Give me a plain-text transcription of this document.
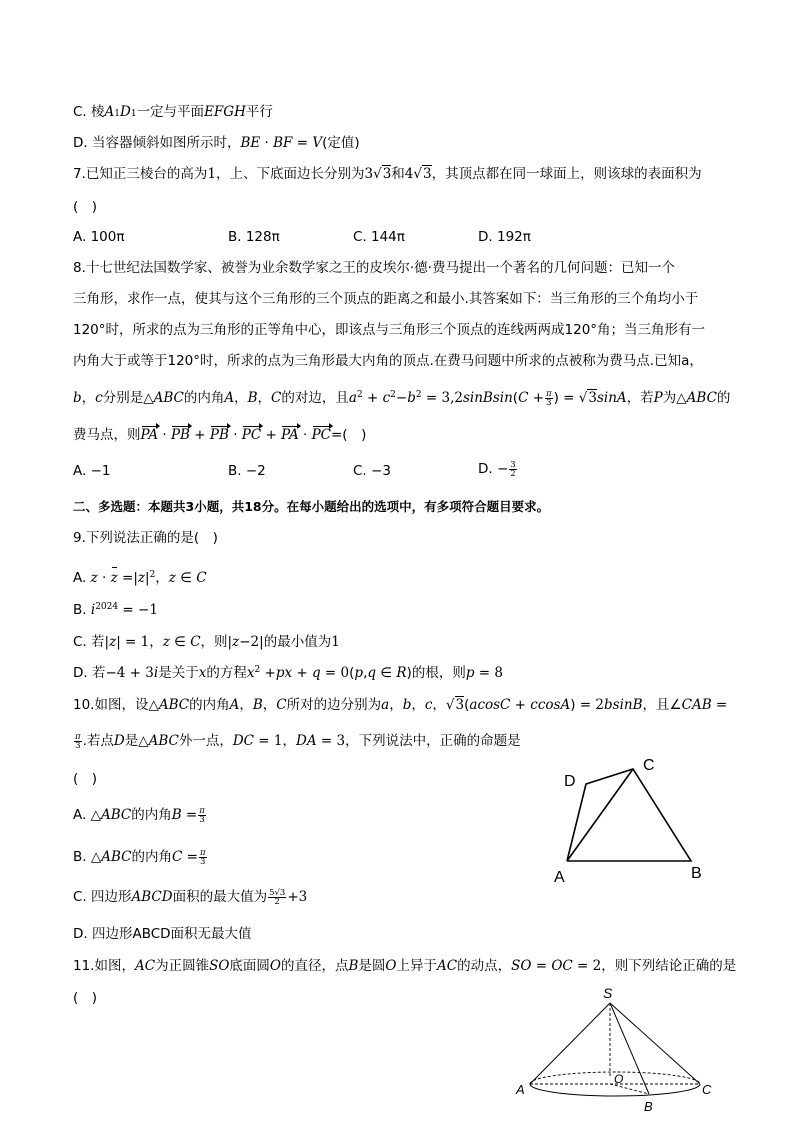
C. 棱$A_1D_1$一定与平面EFGH平行
D. 当容器倾斜如图所示时，BE · BF = V(定值)
7.已知正三棱台的高为1，上、下底面边长分别为3√3和4√3，其顶点都在同一球面上，则该球的表面积为
(　)
A. 100π	B. 128π	C. 144π	D. 192π
8.十七世纪法国数学家、被誉为业余数学家之王的皮埃尔·德·费马提出一个著名的几何问题：已知一个
三角形，求作一点，使其与这个三角形的三个顶点的距离之和最小.其答案如下：当三角形的三个角均小于
120°时，所求的点为三角形的正等角中心，即该点与三角形三个顶点的连线两两成120°角；当三角形有一
内角大于或等于120°时，所求的点为三角形最大内角的顶点.在费马问题中所求的点被称为费马点.已知a，
b，c分别是△ABC的内角A，B，C的对边，且$a^2 + c^2-b^2$ = 3,2sinBsin(C + $\frac{\pi}{3}$ ) = √3sinA，若P为△ABC的
费马点，则PA · PB + PB · PC + PA · PC=(　)
A. −1	B. −2	C. −3	D. − $\frac{3}{2}$
二、多选题：本题共3小题，共18分。在每小题给出的选项中，有多项符合题目要求。
9.下列说法正确的是(　)
A. $z \cdot z =|z|^2$，z ∈ C
B. $i^{2024} = -1$
C. 若|z| = 1，z ∈ C，则|z−2|的最小值为1
D. 若−4 + 3i是关于x的方程$x^2 +px + q = 0(p,q$ ∈ R)的根，则p = 8
10.如图，设△ABC的内角A，B，C所对的边分别为a，b，c，√3(acosC + ccosA) = 2bsinB，且∠CAB =
$\frac{\pi}{3}$ .若点D是△ABC外一点，DC = 1，DA = 3，下列说法中，正确的命题是
(　)
A. △ABC的内角$B = \frac{\pi}{3}$
B. △ABC的内角$C = \frac{\pi}{3}$
C. 四边形ABCD面积的最大值为 $\frac{5√3}{2} +3$
D. 四边形ABCD面积无最大值
D
C
A	B
11.如图，AC为正圆锥SO底面圆O的直径，点B是圆O上异于AC的动点，SO = OC = 2，则下列结论正确的是
(　)	S
O
A	C
B
